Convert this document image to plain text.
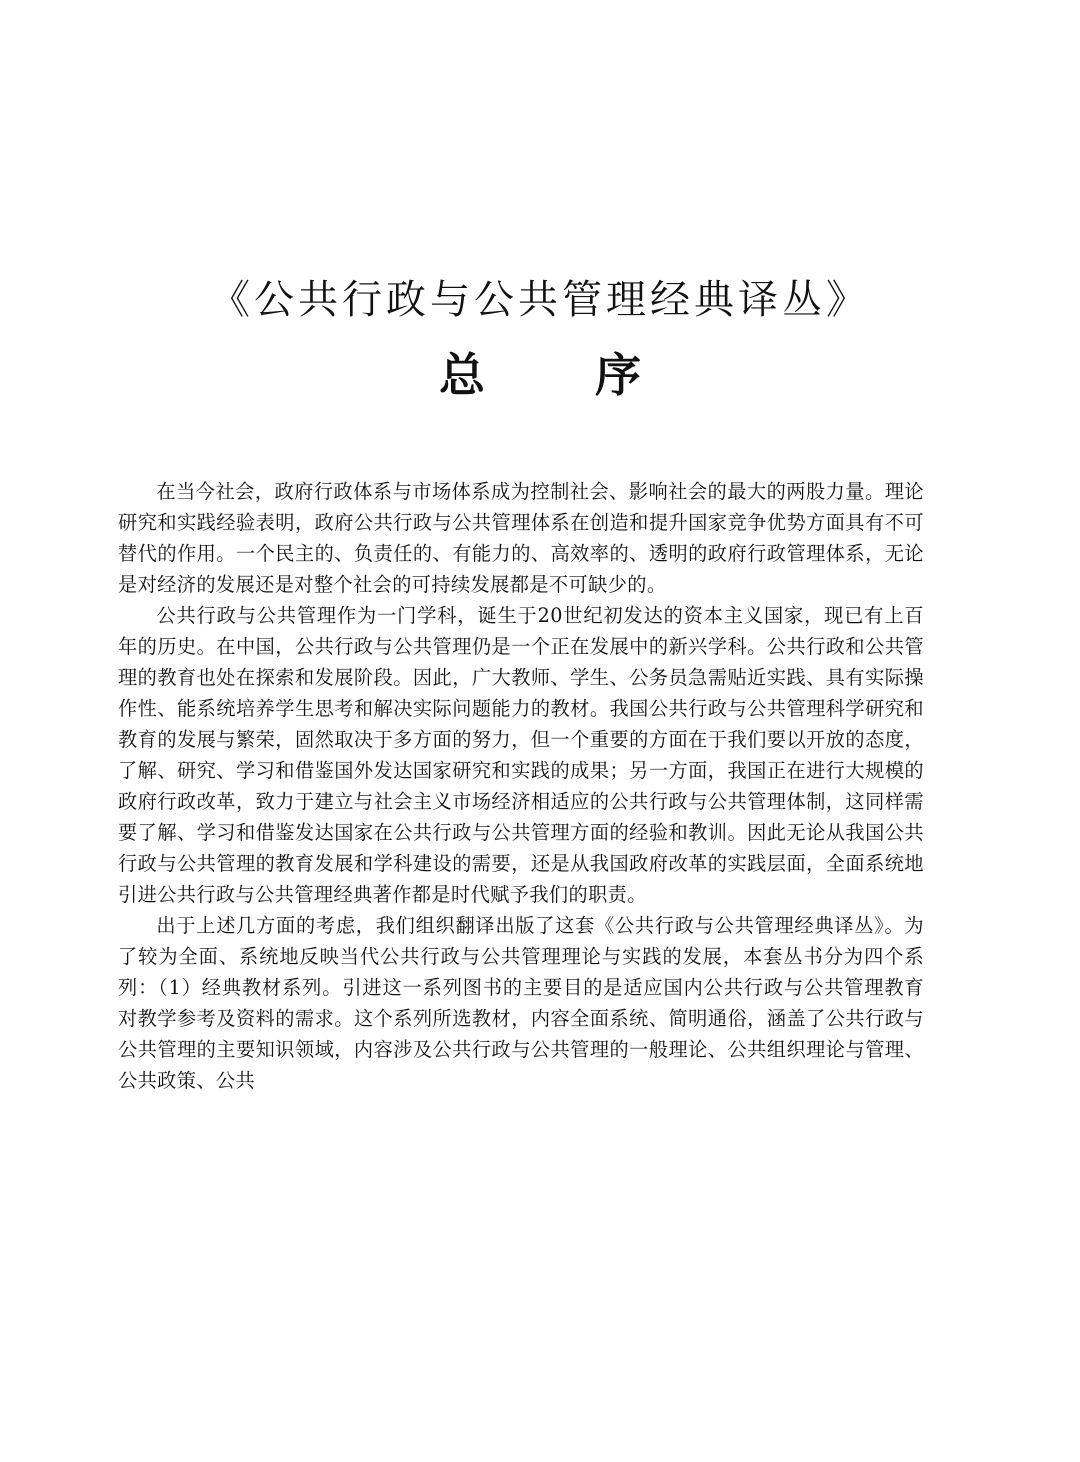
《公共行政与公共管理经典译丛》
总 序

在当今社会，政府行政体系与市场体系成为控制社会、影响社会的最大的两股力量。理论研究和实践经验表明，政府公共行政与公共管理体系在创造和提升国家竞争优势方面具有不可替代的作用。一个民主的、负责任的、有能力的、高效率的、透明的政府行政管理体系，无论是对经济的发展还是对整个社会的可持续发展都是不可缺少的。

公共行政与公共管理作为一门学科，诞生于20世纪初发达的资本主义国家，现已有上百年的历史。在中国，公共行政与公共管理仍是一个正在发展中的新兴学科。公共行政和公共管理的教育也处在探索和发展阶段。因此，广大教师、学生、公务员急需贴近实践、具有实际操作性、能系统培养学生思考和解决实际问题能力的教材。我国公共行政与公共管理科学研究和教育的发展与繁荣，固然取决于多方面的努力，但一个重要的方面在于我们要以开放的态度，了解、研究、学习和借鉴国外发达国家研究和实践的成果；另一方面，我国正在进行大规模的政府行政改革，致力于建立与社会主义市场经济相适应的公共行政与公共管理体制，这同样需要了解、学习和借鉴发达国家在公共行政与公共管理方面的经验和教训。因此无论从我国公共行政与公共管理的教育发展和学科建设的需要，还是从我国政府改革的实践层面，全面系统地引进公共行政与公共管理经典著作都是时代赋予我们的职责。

出于上述几方面的考虑，我们组织翻译出版了这套《公共行政与公共管理经典译丛》。为了较为全面、系统地反映当代公共行政与公共管理理论与实践的发展，本套丛书分为四个系列：（1）经典教材系列。引进这一系列图书的主要目的是适应国内公共行政与公共管理教育对教学参考及资料的需求。这个系列所选教材，内容全面系统、简明通俗，涵盖了公共行政与公共管理的主要知识领域，内容涉及公共行政与公共管理的一般理论、公共组织理论与管理、公共政策、公共
